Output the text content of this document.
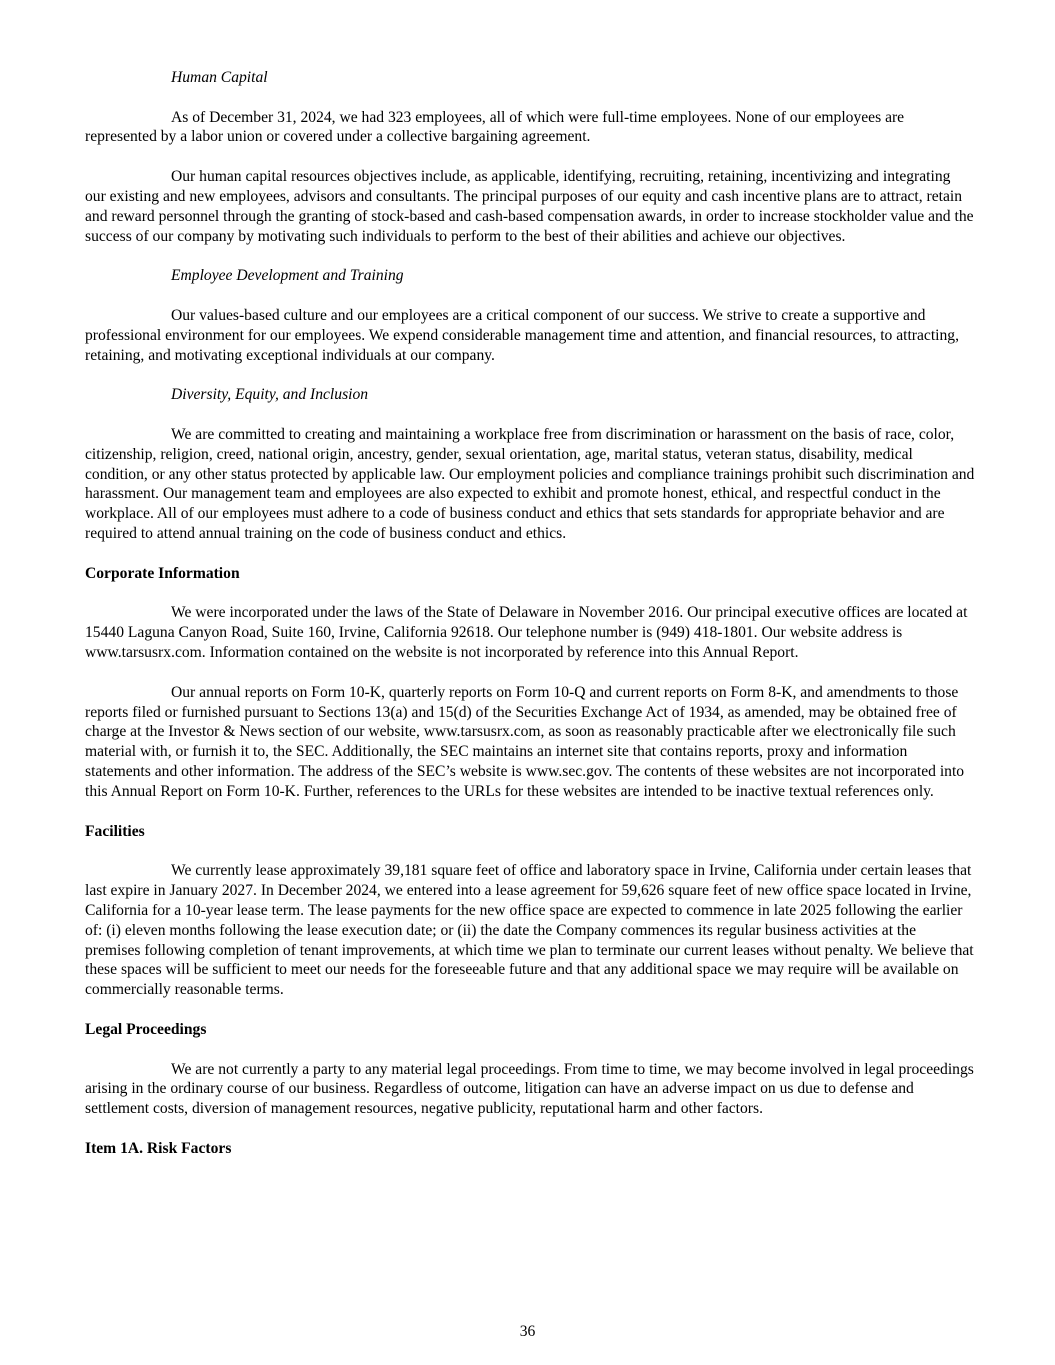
Human Capital
As of December 31, 2024, we had 323 employees, all of which were full-time employees. None of our employees are represented by a labor union or covered under a collective bargaining agreement.
Our human capital resources objectives include, as applicable, identifying, recruiting, retaining, incentivizing and integrating our existing and new employees, advisors and consultants. The principal purposes of our equity and cash incentive plans are to attract, retain and reward personnel through the granting of stock-based and cash-based compensation awards, in order to increase stockholder value and the success of our company by motivating such individuals to perform to the best of their abilities and achieve our objectives.
Employee Development and Training
Our values-based culture and our employees are a critical component of our success. We strive to create a supportive and professional environment for our employees. We expend considerable management time and attention, and financial resources, to attracting, retaining, and motivating exceptional individuals at our company.
Diversity, Equity, and Inclusion
We are committed to creating and maintaining a workplace free from discrimination or harassment on the basis of race, color, citizenship, religion, creed, national origin, ancestry, gender, sexual orientation, age, marital status, veteran status, disability, medical condition, or any other status protected by applicable law. Our employment policies and compliance trainings prohibit such discrimination and harassment. Our management team and employees are also expected to exhibit and promote honest, ethical, and respectful conduct in the workplace. All of our employees must adhere to a code of business conduct and ethics that sets standards for appropriate behavior and are required to attend annual training on the code of business conduct and ethics.
Corporate Information
We were incorporated under the laws of the State of Delaware in November 2016. Our principal executive offices are located at 15440 Laguna Canyon Road, Suite 160, Irvine, California 92618. Our telephone number is (949) 418-1801. Our website address is www.tarsusrx.com. Information contained on the website is not incorporated by reference into this Annual Report.
Our annual reports on Form 10-K, quarterly reports on Form 10-Q and current reports on Form 8-K, and amendments to those reports filed or furnished pursuant to Sections 13(a) and 15(d) of the Securities Exchange Act of 1934, as amended, may be obtained free of charge at the Investor & News section of our website, www.tarsusrx.com, as soon as reasonably practicable after we electronically file such material with, or furnish it to, the SEC. Additionally, the SEC maintains an internet site that contains reports, proxy and information statements and other information. The address of the SEC’s website is www.sec.gov. The contents of these websites are not incorporated into this Annual Report on Form 10-K. Further, references to the URLs for these websites are intended to be inactive textual references only.
Facilities
We currently lease approximately 39,181 square feet of office and laboratory space in Irvine, California under certain leases that last expire in January 2027. In December 2024, we entered into a lease agreement for 59,626 square feet of new office space located in Irvine, California for a 10-year lease term. The lease payments for the new office space are expected to commence in late 2025 following the earlier of: (i) eleven months following the lease execution date; or (ii) the date the Company commences its regular business activities at the premises following completion of tenant improvements, at which time we plan to terminate our current leases without penalty. We believe that these spaces will be sufficient to meet our needs for the foreseeable future and that any additional space we may require will be available on commercially reasonable terms.
Legal Proceedings
We are not currently a party to any material legal proceedings. From time to time, we may become involved in legal proceedings arising in the ordinary course of our business. Regardless of outcome, litigation can have an adverse impact on us due to defense and settlement costs, diversion of management resources, negative publicity, reputational harm and other factors.
Item 1A. Risk Factors
36
